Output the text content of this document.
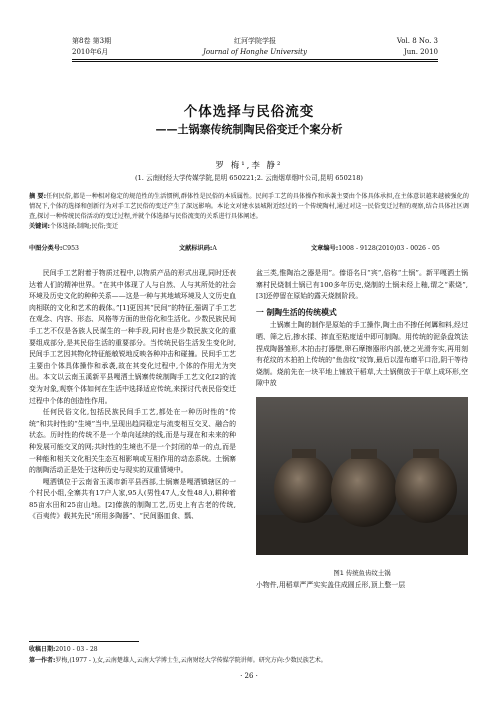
第8卷 第3期	红河学院学报	Vol. 8 No. 3
2010年6月	Journal of Honghe University	Jun. 2010
个体选择与民俗流变
——土锅寨传统制陶民俗变迁个案分析
罗 梅¹,李 静²
(1. 云南财经大学传媒学院,昆明 650221;2. 云南烟草烟叶公司,昆明 650218)
摘 要:任何民俗,都是一种相对稳定的规范性的生活惯例,群体性是民俗的本质属性。民间手工艺的具体操作和承袭主要由个体具体承担,在主体意识越来越被强化的情况下,个体的选择和创新行为对手工艺民俗的变迁产生了深远影响。本论文对建水县城附近经过的一个传统陶村,通过对这一民俗变迁过程的观察,结合具体社区调查,探讨一种传统民俗活动的变迁过程,并就个体选择与民俗流变的关系进行具体阐述。
关键词:个体选择;制陶;民俗;变迁
中图分类号:C953	文献标识码:A	文章编号:1008 - 9128(2010)03 - 0026 - 05

民间手工艺附着于物质过程中,以物质产品的形式出现,同时还表达着人们的精神世界。“在其中体现了人与自然、人与其所处的社会环境及历史文化的种种关系——这是一种与其地域环境及人文历史血肉相联的文化和艺术的载体。”[1]更因其“民间”的特征,强调了手工艺在观念、内容、形态、风格等方面的世俗化和生活化。少数民族民间手工艺不仅是各族人民谋生的一种手段,同时也是少数民族文化的重要组成部分,是其民俗生活的重要部分。当传统民俗生活发生变化时,民间手工艺因其物化特征能敏锐地反映各种冲击和碰撞。民间手工艺主要由个体具体操作和承袭,故在其变化过程中,个体的作用尤为突出。本文以云南玉溪新平县嘎洒土锅寨传统制陶手工艺文化[2]的流变为对象,观察个体如何在生活中选择适应传统,来探讨代表民俗变迁过程中个体的创造性作用。

任何民俗文化,包括民族民间手工艺,都处在一种历时性的“传统”和共时性的“生境”当中,呈现出趋同稳定与流变相互交叉、融合的状态。历时性的传统不是一个单向延续的线,而是与现在和未来的种种发展可能交叉的网;共时性的生境也不是一个封闭的单一的点,而是一种能和相关文化相关生态互相影响或互相作用的动态系统。土锅寨的制陶活动正是处于这种历史与现实的双重情境中。

嘎洒镇位于云南省玉溪市新平县西部,土锅寨是嘎洒镇辖区的一个村民小组,全寨共有17户人家,95人(男性47人,女性48人),耕种着85亩水田和25亩山地。[2]傣族的制陶工艺,历史上有古老的传统,《百夷传》载其先民“所用多陶器”、“民间器皿食、瓢、

盆三类,惟陶治之器是用”。傣语名曰“宾”,俗称“土锅”。新平嘎洒土锅寨村民烧制土锅已有100多年历史,烧制的土锅未经上釉,谓之“素烧”,[3]还停留在原始的露天烧制阶段。

一 制陶生活的传统模式

土锅寨土陶的制作是原始的手工操作,陶土由不掺任何羼和料,经过晒、筛之后,掺水揉、摔直至粘度适中即可制陶。用传统的泥条盘筑法捏成陶器雏形,木拍击打器壁,卵石摩擦器形内部,使之光滑夯实,再用刻有花纹的木拍拍上传统的“鱼齿纹”纹饰,最后以湿布磨平口沿,阴干等待烧制。烧前先在一块平地上铺放干稻草,大土锅侧放于干草上成环形,空隙中放

图1 传统鱼齿纹土锅
小物件,用稻草严严实实盖住成圆丘形,顶上整一层
收稿日期:2010 - 03 - 28
第一作者:罗梅,(1977 - ),女,云南楚雄人,云南大学博士生,云南财经大学传媒学院讲师。研究方向:少数民族艺术。
· 26 ·
